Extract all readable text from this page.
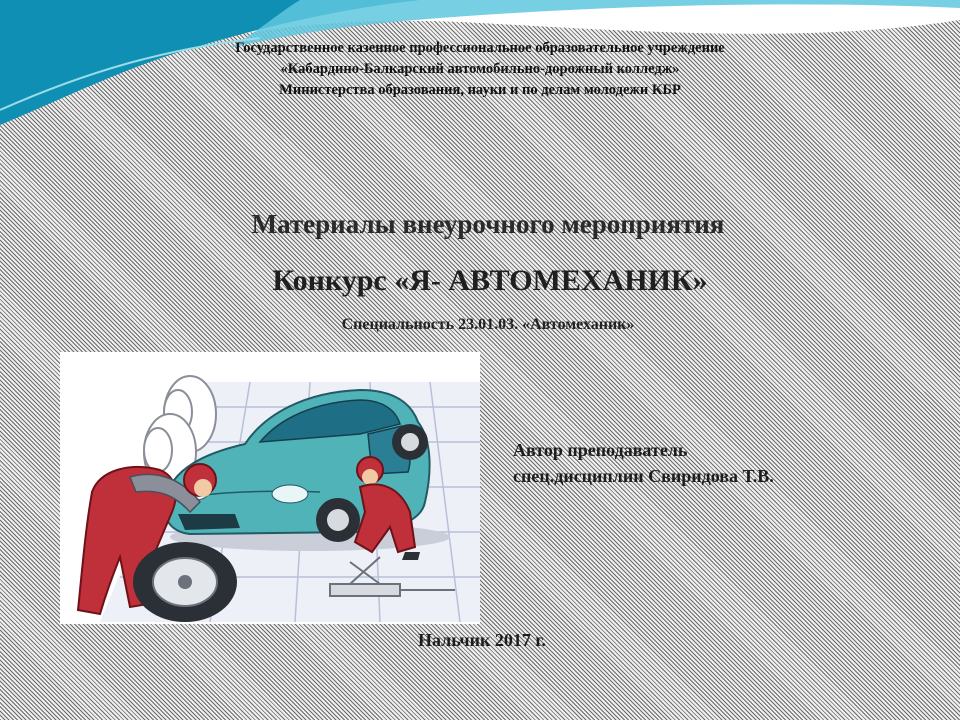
Государственное казенное профессиональное образовательное учреждение
«Кабардино-Балкарский автомобильно-дорожный колледж»
Министерства образования, науки и по делам молодежи КБР
Материалы внеурочного мероприятия
Конкурс «Я- АВТОМЕХАНИК»
Специальность 23.01.03. «Автомеханик»
Автор преподаватель
спец.дисциплин Свиридова Т.В.
Нальчик 2017 г.
